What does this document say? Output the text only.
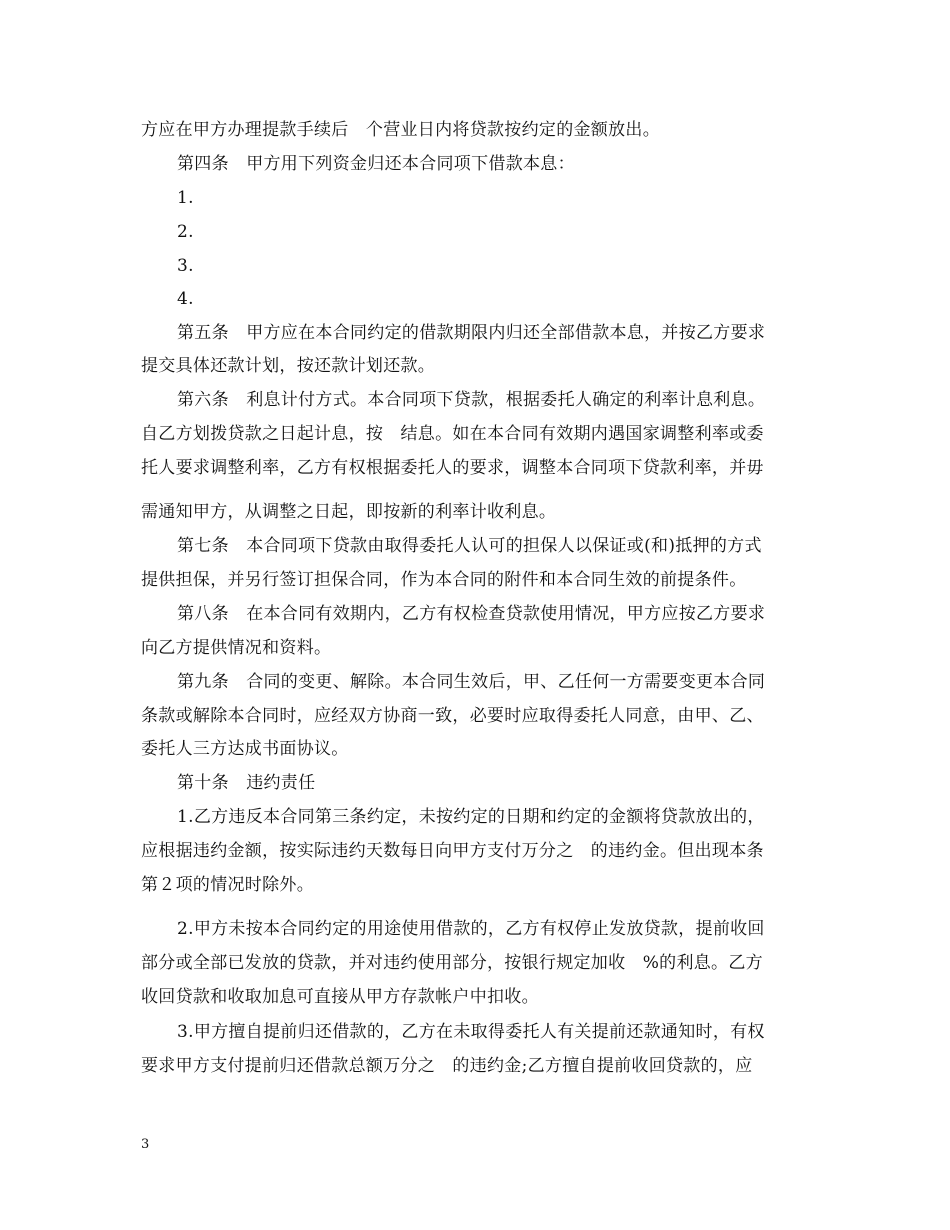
方应在甲方办理提款手续后　个营业日内将贷款按约定的金额放出。
第四条　甲方用下列资金归还本合同项下借款本息：
1.
2.
3.
4.
第五条　甲方应在本合同约定的借款期限内归还全部借款本息，并按乙方要求
提交具体还款计划，按还款计划还款。
第六条　利息计付方式。本合同项下贷款，根据委托人确定的利率计息利息。
自乙方划拨贷款之日起计息，按　结息。如在本合同有效期内遇国家调整利率或委
托人要求调整利率，乙方有权根据委托人的要求，调整本合同项下贷款利率，并毋
需通知甲方，从调整之日起，即按新的利率计收利息。
第七条　本合同项下贷款由取得委托人认可的担保人以保证或(和)抵押的方式
提供担保，并另行签订担保合同，作为本合同的附件和本合同生效的前提条件。
第八条　在本合同有效期内，乙方有权检查贷款使用情况，甲方应按乙方要求
向乙方提供情况和资料。
第九条　合同的变更、解除。本合同生效后，甲、乙任何一方需要变更本合同
条款或解除本合同时，应经双方协商一致，必要时应取得委托人同意，由甲、乙、
委托人三方达成书面协议。
第十条　违约责任
1.乙方违反本合同第三条约定，未按约定的日期和约定的金额将贷款放出的，
应根据违约金额，按实际违约天数每日向甲方支付万分之　的违约金。但出现本条
第２项的情况时除外。
2.甲方未按本合同约定的用途使用借款的，乙方有权停止发放贷款，提前收回
部分或全部已发放的贷款，并对违约使用部分，按银行规定加收　%的利息。乙方
收回贷款和收取加息可直接从甲方存款帐户中扣收。
3.甲方擅自提前归还借款的，乙方在未取得委托人有关提前还款通知时，有权
要求甲方支付提前归还借款总额万分之　的违约金;乙方擅自提前收回贷款的，应
3
